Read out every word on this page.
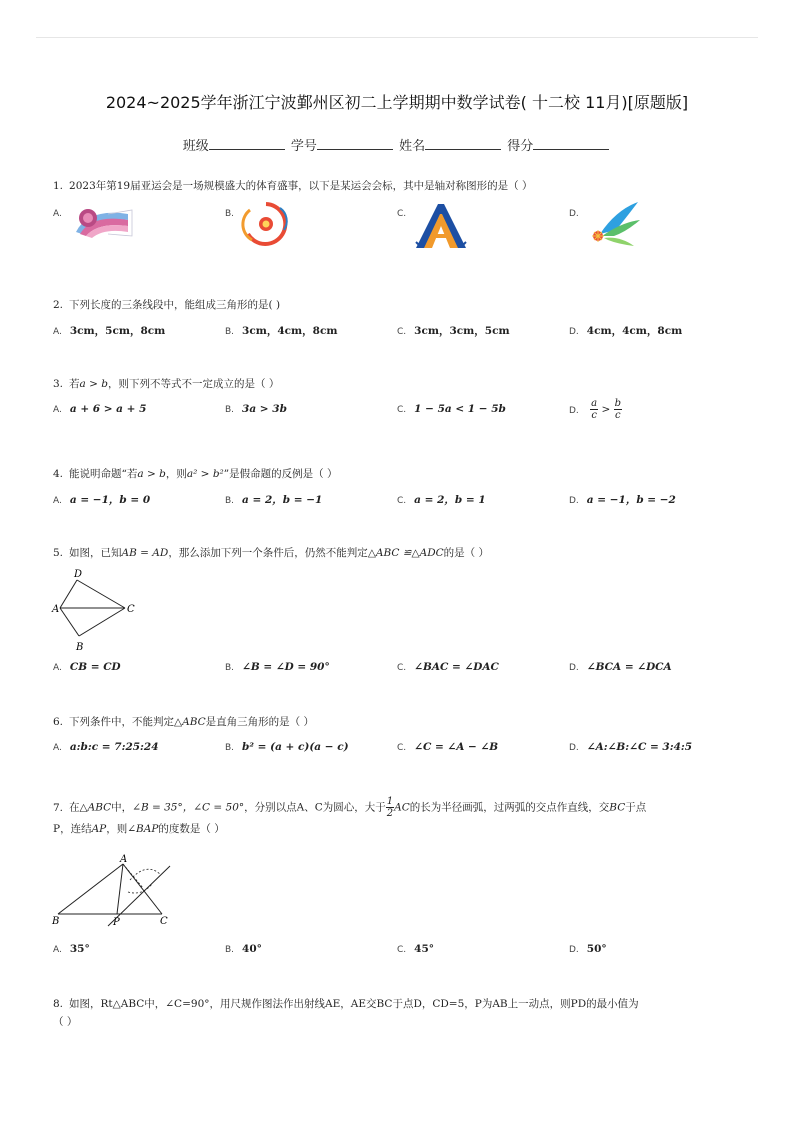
2024~2025学年浙江宁波鄞州区初二上学期期中数学试卷( 十二校 11月)[原题版]
班级	学号	姓名	得分
1. 2023年第19届亚运会是一场规模盛大的体育盛事，以下是某运会会标，其中是轴对称图形的是（ ）
A.	B.	C.	D.
2. 下列长度的三条线段中，能组成三角形的是( )
A. 3cm，5cm，8cm	B. 3cm，4cm，8cm	C. 3cm，3cm，5cm	D. 4cm，4cm，8cm
3. 若a > b，则下列不等式不一定成立的是（ ）
A. a + 6 > a + 5	B. 3a > 3b	C. 1 − 5a < 1 − 5b	D. $\frac{a}{c} > \frac{b}{c}$
4. 能说明命题“若a > b，则a² > b²”是假命题的反例是（ ）
A. a = −1，b = 0	B. a = 2，b = −1	C. a = 2，b = 1	D. a = −1，b = −2
5. 如图，已知AB = AD，那么添加下列一个条件后，仍然不能判定△ABC ≌△ADC的是（ ）
D
A	C
B
A. CB = CD	B. ∠B = ∠D = 90°	C. ∠BAC = ∠DAC	D. ∠BCA = ∠DCA
6. 下列条件中，不能判定△ABC是直角三角形的是（ ）
A. a:b:c = 7:25:24	B. b² = (a + c)(a − c)	C. ∠C = ∠A − ∠B	D. ∠A:∠B:∠C = 3:4:5
7. 在△ABC中，∠B = 35°，∠C = 50°，分别以点A、C为圆心，大于 $\frac{1}{2}$ AC的长为半径画弧，过两弧的交点作直线，交BC于点
P，连结AP，则∠BAP的度数是（ ）
A
B	P	C
A. 35°	B. 40°	C. 45°	D. 50°
8. 如图，Rt△ABC中，∠C=90°，用尺规作图法作出射线AE，AE交BC于点D，CD=5，P为AB上一动点，则PD的最小值为
（ ）
